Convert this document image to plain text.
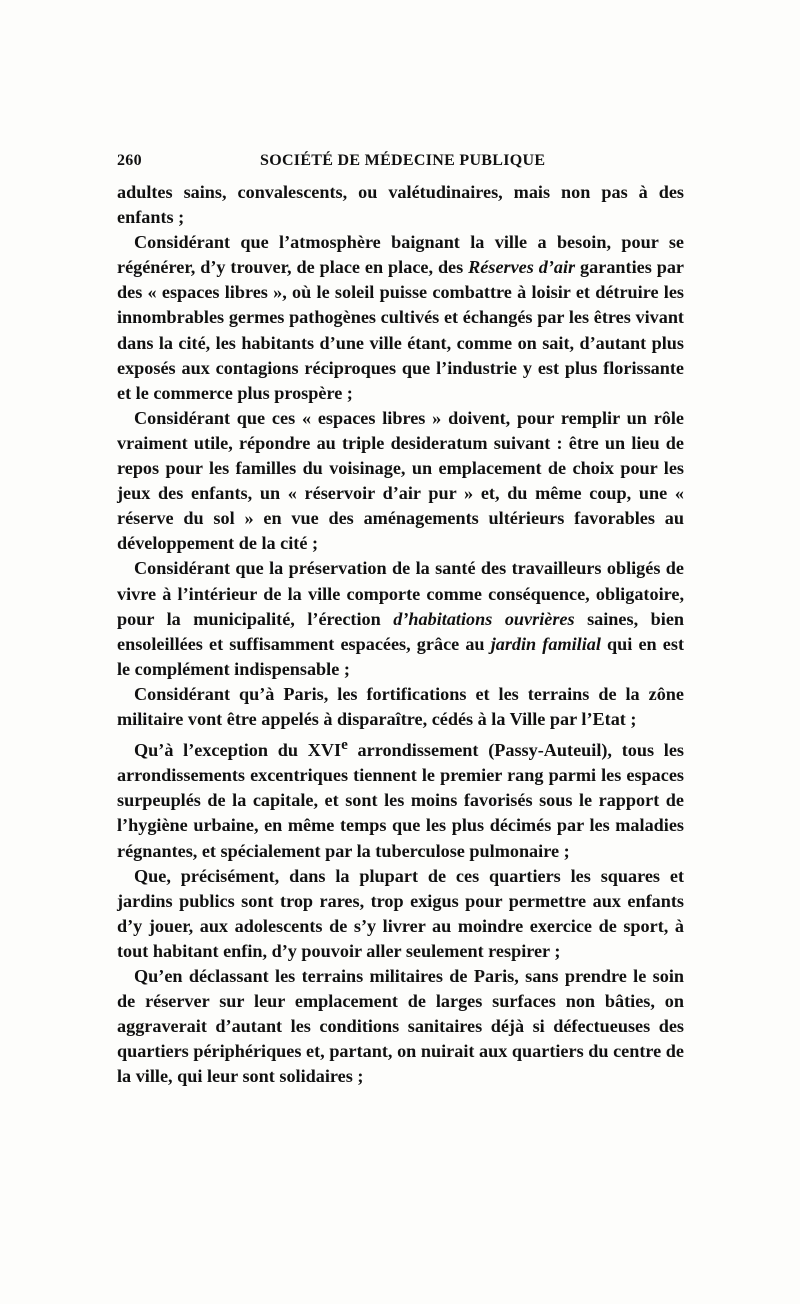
260	SOCIÉTÉ DE MÉDECINE PUBLIQUE

adultes sains, convalescents, ou valétudinaires, mais non pas à des enfants ;

Considérant que l’atmosphère baignant la ville a besoin, pour se régénérer, d’y trouver, de place en place, des Réserves d’air garanties par des « espaces libres », où le soleil puisse combattre à loisir et détruire les innombrables germes pathogènes cultivés et échangés par les êtres vivant dans la cité, les habitants d’une ville étant, comme on sait, d’autant plus exposés aux contagions réciproques que l’industrie y est plus florissante et le commerce plus prospère ;

Considérant que ces « espaces libres » doivent, pour remplir un rôle vraiment utile, répondre au triple desideratum suivant : être un lieu de repos pour les familles du voisinage, un emplacement de choix pour les jeux des enfants, un « réservoir d’air pur » et, du même coup, une « réserve du sol » en vue des aménagements ultérieurs favorables au développement de la cité ;

Considérant que la préservation de la santé des travailleurs obligés de vivre à l’intérieur de la ville comporte comme conséquence, obligatoire, pour la municipalité, l’érection d’habitations ouvrières saines, bien ensoleillées et suffisamment espacées, grâce au jardin familial qui en est le complément indispensable ;

Considérant qu’à Paris, les fortifications et les terrains de la zône militaire vont être appelés à disparaître, cédés à la Ville par l’Etat ;

Qu’à l’exception du XVIe arrondissement (Passy-Auteuil), tous les arrondissements excentriques tiennent le premier rang parmi les espaces surpeuplés de la capitale, et sont les moins favorisés sous le rapport de l’hygiène urbaine, en même temps que les plus décimés par les maladies régnantes, et spécialement par la tuberculose pulmonaire ;

Que, précisément, dans la plupart de ces quartiers les squares et jardins publics sont trop rares, trop exigus pour permettre aux enfants d’y jouer, aux adolescents de s’y livrer au moindre exercice de sport, à tout habitant enfin, d’y pouvoir aller seulement respirer ;

Qu’en déclassant les terrains militaires de Paris, sans prendre le soin de réserver sur leur emplacement de larges surfaces non bâties, on aggraverait d’autant les conditions sanitaires déjà si défectueuses des quartiers périphériques et, partant, on nuirait aux quartiers du centre de la ville, qui leur sont solidaires ;
